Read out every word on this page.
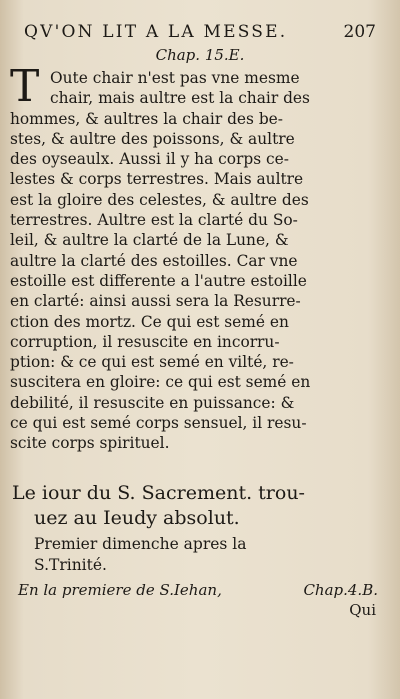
QV'ON LIT A LA MESSE.	207
Chap. 15.E.
T Oute chair n'est pas vne mesme
chair, mais aultre est la chair des
hommes, & aultres la chair des be-
stes, & aultre des poissons, & aultre
des oyseaulx. Aussi il y ha corps ce-
lestes & corps terrestres. Mais aultre
est la gloire des celestes, & aultre des
terrestres. Aultre est la clarté du So-
leil, & aultre la clarté de la Lune, &
aultre la clarté des estoilles. Car vne
estoille est differente a l'autre estoille
en clarté: ainsi aussi sera la Resurre-
ction des mortz. Ce qui est semé en
corruption, il resuscite en incorru-
ption: & ce qui est semé en vilté, re-
suscitera en gloire: ce qui est semé en
debilité, il resuscite en puissance: &
ce qui est semé corps sensuel, il resu-
scite corps spirituel.
Le iour du S. Sacrement. trou-
uez au Ieudy absolut.
Premier dimenche apres la
S.Trinité.
En la premiere de S.Iehan,	Chap.4.B.
Qui
